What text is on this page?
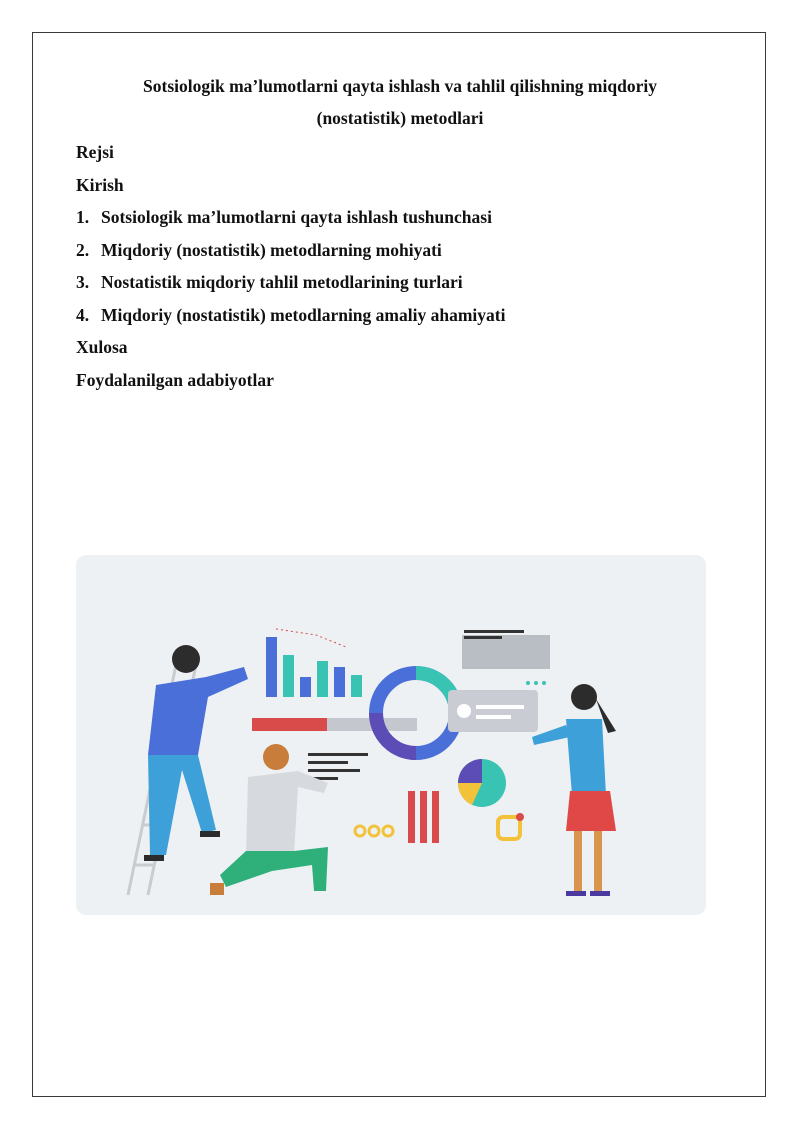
Sotsiologik ma’lumotlarni qayta ishlash va tahlil qilishning miqdoriy

(nostatistik) metodlari

Rejsi

Kirish

1. Sotsiologik ma’lumotlarni qayta ishlash tushunchasi

2. Miqdoriy (nostatistik) metodlarning mohiyati

3. Nostatistik miqdoriy tahlil metodlarining turlari

4. Miqdoriy (nostatistik) metodlarning amaliy ahamiyati

Xulosa

Foydalanilgan adabiyotlar
